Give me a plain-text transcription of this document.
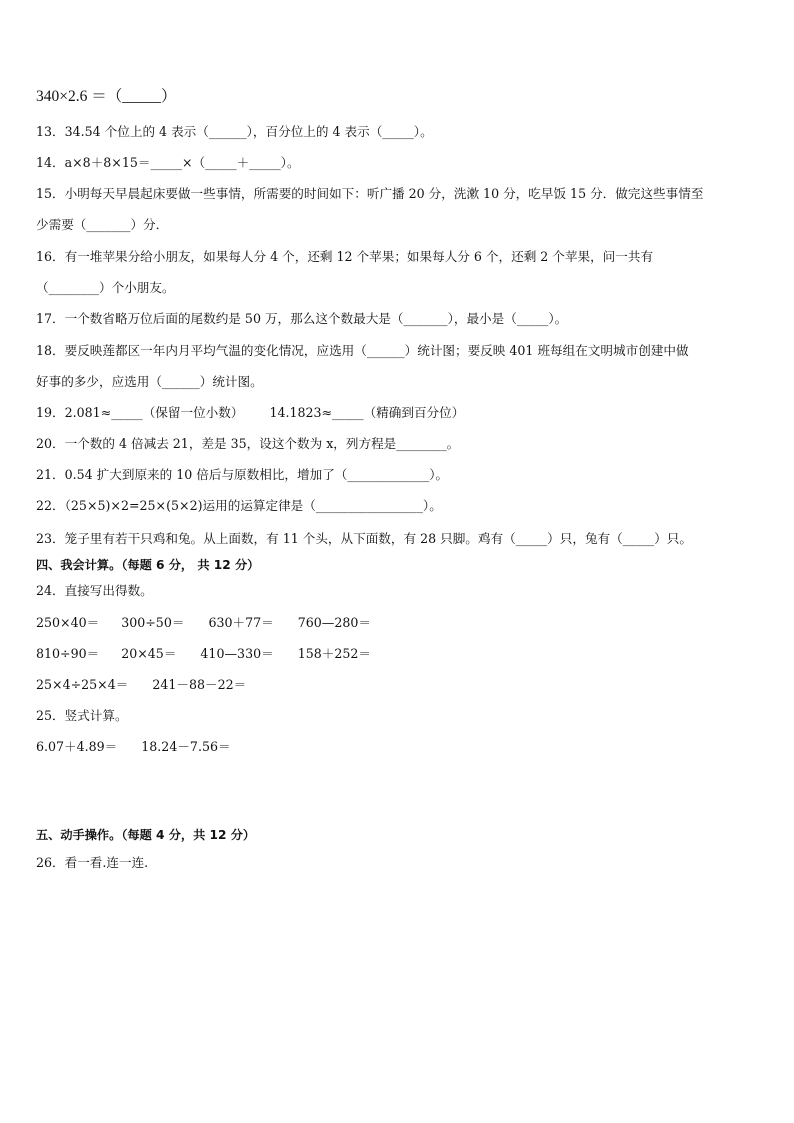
340×2.6 ＝（_____）
13．34.54 个位上的 4 表示（______），百分位上的 4 表示（_____）。
14．a×8＋8×15＝_____×（_____＋_____）。
15．小明每天早晨起床要做一些事情，所需要的时间如下：听广播 20 分，洗漱 10 分，吃早饭 15 分．做完这些事情至
少需要（_______）分．
16．有一堆苹果分给小朋友，如果每人分 4 个，还剩 12 个苹果；如果每人分 6 个，还剩 2 个苹果，问一共有
（________）个小朋友。
17．一个数省略万位后面的尾数约是 50 万，那么这个数最大是（_______），最小是（_____）。
18．要反映莲都区一年内月平均气温的变化情况，应选用（______）统计图；要反映 401 班每组在文明城市创建中做
好事的多少，应选用（______）统计图。
19．2.081≈_____（保留一位小数） 14.1823≈_____（精确到百分位）
20．一个数的 4 倍减去 21，差是 35，设这个数为 x，列方程是________。
21．0.54 扩大到原来的 10 倍后与原数相比，增加了（_____________）。
22．（25×5)×2=25×(5×2)运用的运算定律是（_________________）。
23．笼子里有若干只鸡和兔。从上面数，有 11 个头，从下面数，有 28 只脚。鸡有（_____）只，兔有（_____）只。
四、我会计算。（每题 6 分， 共 12 分）
24．直接写出得数。
250×40＝ 300÷50＝ 630＋77＝ 760—280＝
810÷90＝ 20×45＝ 410—330＝ 158＋252＝
25×4÷25×4＝ 241－88－22＝
25．竖式计算。
6.07＋4.89＝ 18.24－7.56＝
五、动手操作。（每题 4 分，共 12 分）
26．看一看.连一连.
